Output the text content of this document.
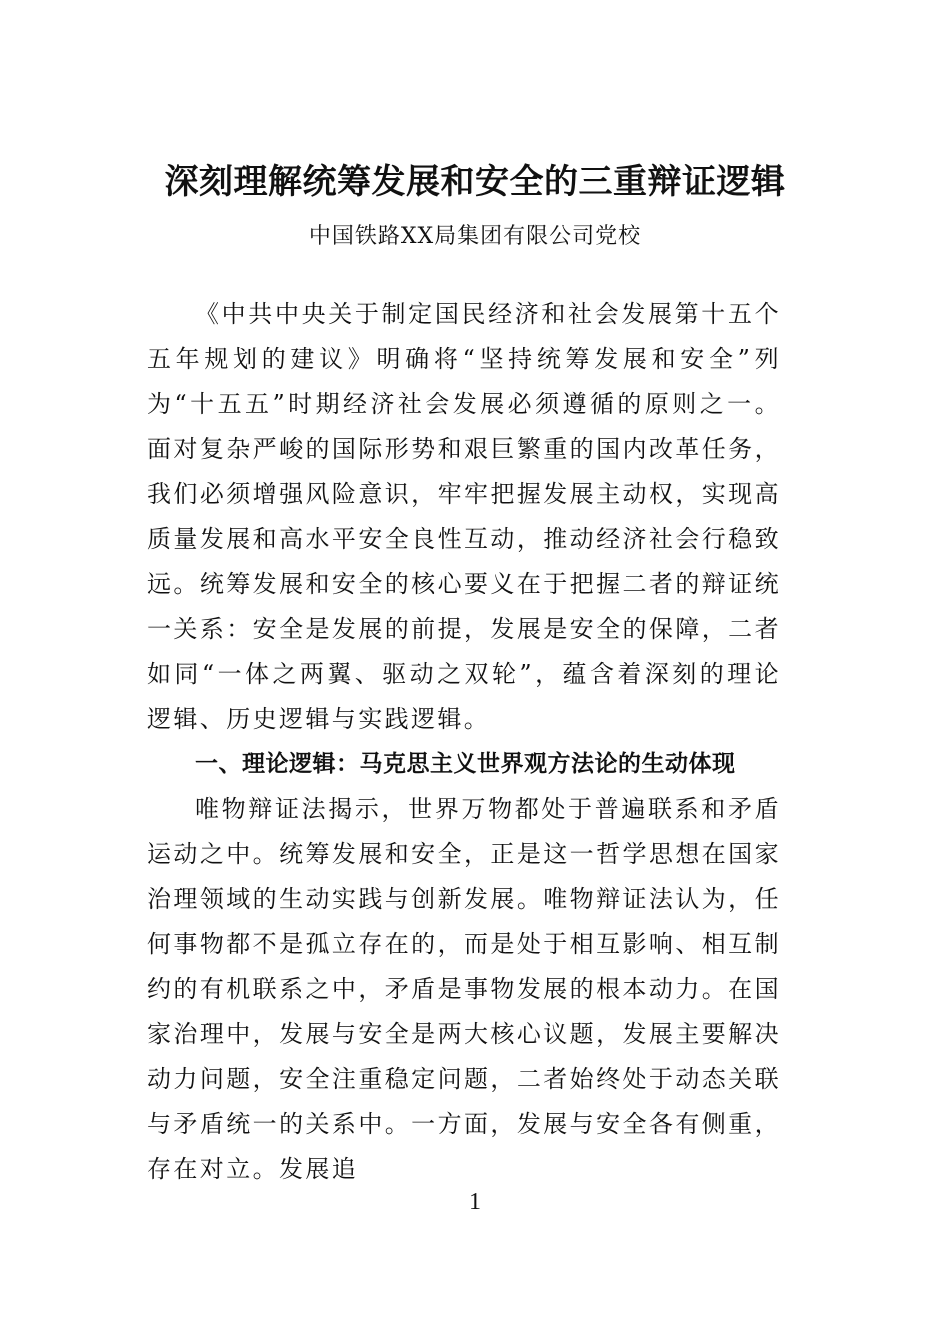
深刻理解统筹发展和安全的三重辩证逻辑
中国铁路XX局集团有限公司党校

《中共中央关于制定国民经济和社会发展第十五个五年规划的建议》明确将“坚持统筹发展和安全”列为“十五五”时期经济社会发展必须遵循的原则之一。面对复杂严峻的国际形势和艰巨繁重的国内改革任务，我们必须增强风险意识，牢牢把握发展主动权，实现高质量发展和高水平安全良性互动，推动经济社会行稳致远。统筹发展和安全的核心要义在于把握二者的辩证统一关系：安全是发展的前提，发展是安全的保障，二者如同“一体之两翼、驱动之双轮”，蕴含着深刻的理论逻辑、历史逻辑与实践逻辑。

一、理论逻辑：马克思主义世界观方法论的生动体现

唯物辩证法揭示，世界万物都处于普遍联系和矛盾运动之中。统筹发展和安全，正是这一哲学思想在国家治理领域的生动实践与创新发展。唯物辩证法认为，任何事物都不是孤立存在的，而是处于相互影响、相互制约的有机联系之中，矛盾是事物发展的根本动力。在国家治理中，发展与安全是两大核心议题，发展主要解决动力问题，安全注重稳定问题，二者始终处于动态关联与矛盾统一的关系中。一方面，发展与安全各有侧重，存在对立。发展追

1
